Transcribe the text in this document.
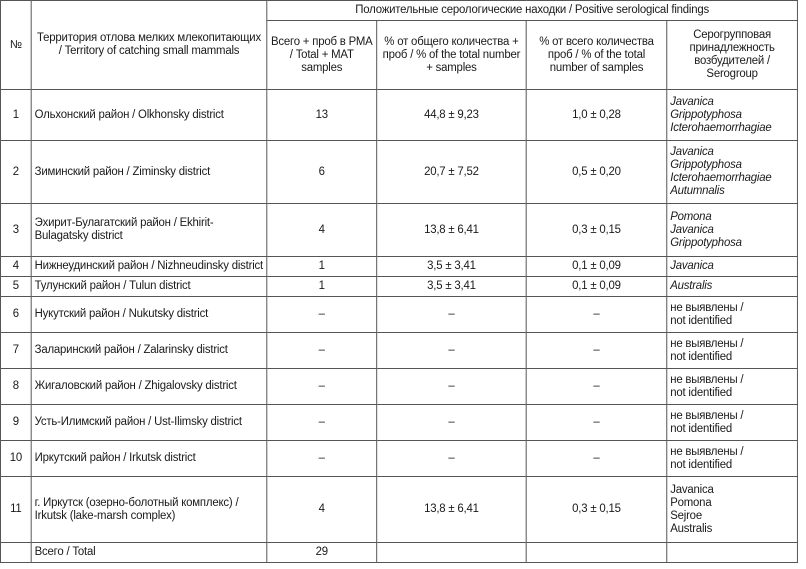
№	Территория отлова мелких млекопитающих / Territory of catching small mammals	Положительные серологические находки / Positive serological findings			
		Всего + проб в РМА / Total + MAT samples	% от общего количества + проб / % of the total number + samples	% от всего количества проб / % of the total number of samples	Серогрупповая принадлежность возбудителей / Serogroup
1	Ольхонский район / Olkhonsky district	13	44,8 ± 9,23	1,0 ± 0,28	Javanica
Grippotyphosa
Icterohaemorrhagiae

2	Зиминский район / Ziminsky district	6	20,7 ± 7,52	0,5 ± 0,20	Javanica
Grippotyphosa
Icterohaemorrhagiae
Autumnalis

3	Эхирит-Булагатский район / Ekhirit-Bulagatsky district	4	13,8 ± 6,41	0,3 ± 0,15	Pomona
Javanica
Grippotyphosa

4	Нижнеудинский район / Nizhneudinsky district	1	3,5 ± 3,41	0,1 ± 0,09	Javanica

5	Тулунский район / Tulun district	1	3,5 ± 3,41	0,1 ± 0,09	Australis

6	Нукутский район / Nukutsky district	–	–	–	не выявлены /
not identified

7	Заларинский район / Zalarinsky district	–	–	–	не выявлены /
not identified

8	Жигаловский район / Zhigalovsky district	–	–	–	не выявлены /
not identified

9	Усть-Илимский район / Ust-Ilimsky district	–	–	–	не выявлены /
not identified

10	Иркутский район / Irkutsk district	–	–	–	не выявлены /
not identified

11	г. Иркутск (озерно-болотный комплекс) / Irkutsk (lake-marsh complex)	4	13,8 ± 6,41	0,3 ± 0,15	Javanica
Pomona
Sejroe
Australis

	Всего / Total	29			
